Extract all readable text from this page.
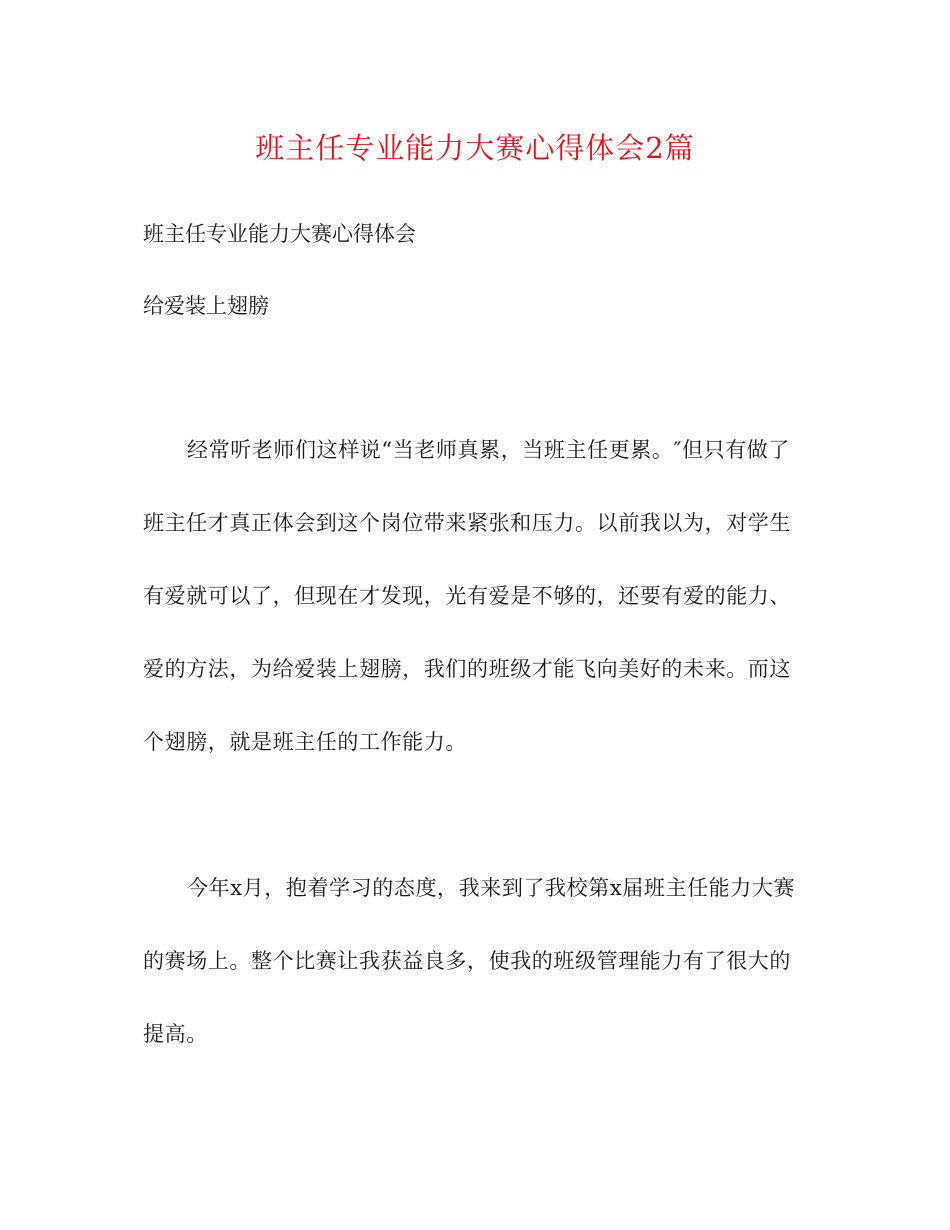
班主任专业能力大赛心得体会2篇
班主任专业能力大赛心得体会
给爱装上翅膀

经常听老师们这样说“当老师真累，当班主任更累。″但只有做了班主任才真正体会到这个岗位带来紧张和压力。以前我以为，对学生有爱就可以了，但现在才发现，光有爱是不够的，还要有爱的能力、爱的方法，为给爱装上翅膀，我们的班级才能飞向美好的未来。而这个翅膀，就是班主任的工作能力。

今年x月，抱着学习的态度，我来到了我校第x届班主任能力大赛的赛场上。整个比赛让我获益良多，使我的班级管理能力有了很大的提高。
